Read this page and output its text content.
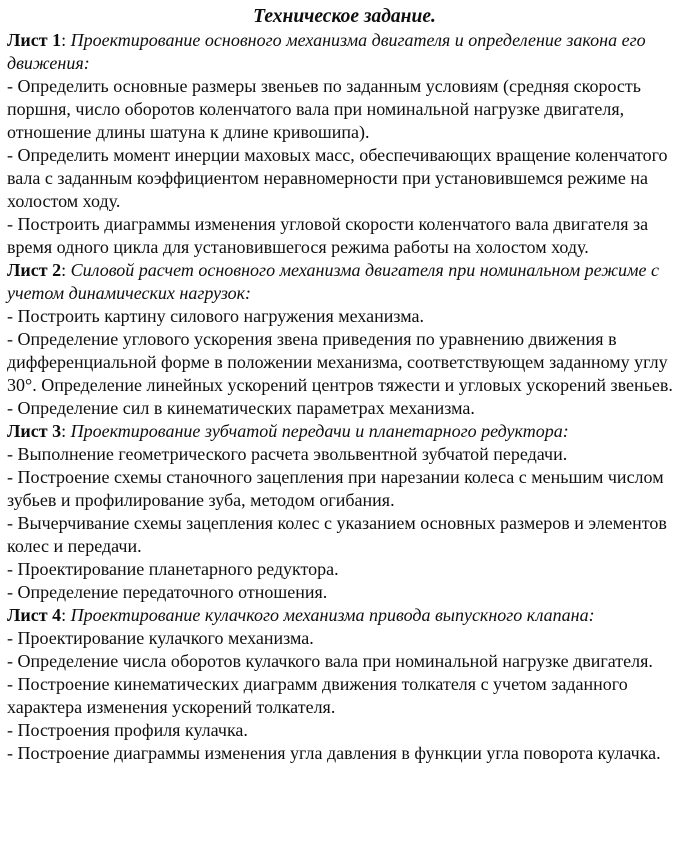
Техническое задание.

Лист 1: Проектирование основного механизма двигателя и определение закона его движения:

- Определить основные размеры звеньев по заданным условиям (средняя скорость поршня, число оборотов коленчатого вала при номинальной нагрузке двигателя, отношение длины шатуна к длине кривошипа).

- Определить момент инерции маховых масс, обеспечивающих вращение коленчатого вала с заданным коэффициентом неравномерности при установившемся режиме на холостом ходу.

- Построить диаграммы изменения угловой скорости коленчатого вала двигателя за время одного цикла для установившегося режима работы на холостом ходу.

Лист 2: Силовой расчет основного механизма двигателя при номинальном режиме с учетом динамических нагрузок:

- Построить картину силового нагружения механизма.

- Определение углового ускорения звена приведения по уравнению движения в дифференциальной форме в положении механизма, соответствующем заданному углу 30°. Определение линейных ускорений центров тяжести и угловых ускорений звеньев.

- Определение сил в кинематических параметрах механизма.

Лист 3: Проектирование зубчатой передачи и планетарного редуктора:

- Выполнение геометрического расчета эвольвентной зубчатой передачи.

- Построение схемы станочного зацепления при нарезании колеса с меньшим числом зубьев и профилирование зуба, методом огибания.

- Вычерчивание схемы зацепления колес с указанием основных размеров и элементов колес и передачи.

- Проектирование планетарного редуктора.

- Определение передаточного отношения.

Лист 4: Проектирование кулачкого механизма привода выпускного клапана:

- Проектирование кулачкого механизма.

- Определение числа оборотов кулачкого вала при номинальной нагрузке двигателя.

- Построение кинематических диаграмм движения толкателя с учетом заданного характера изменения ускорений толкателя.

- Построения профиля кулачка.

- Построение диаграммы изменения угла давления в функции угла поворота кулачка.
